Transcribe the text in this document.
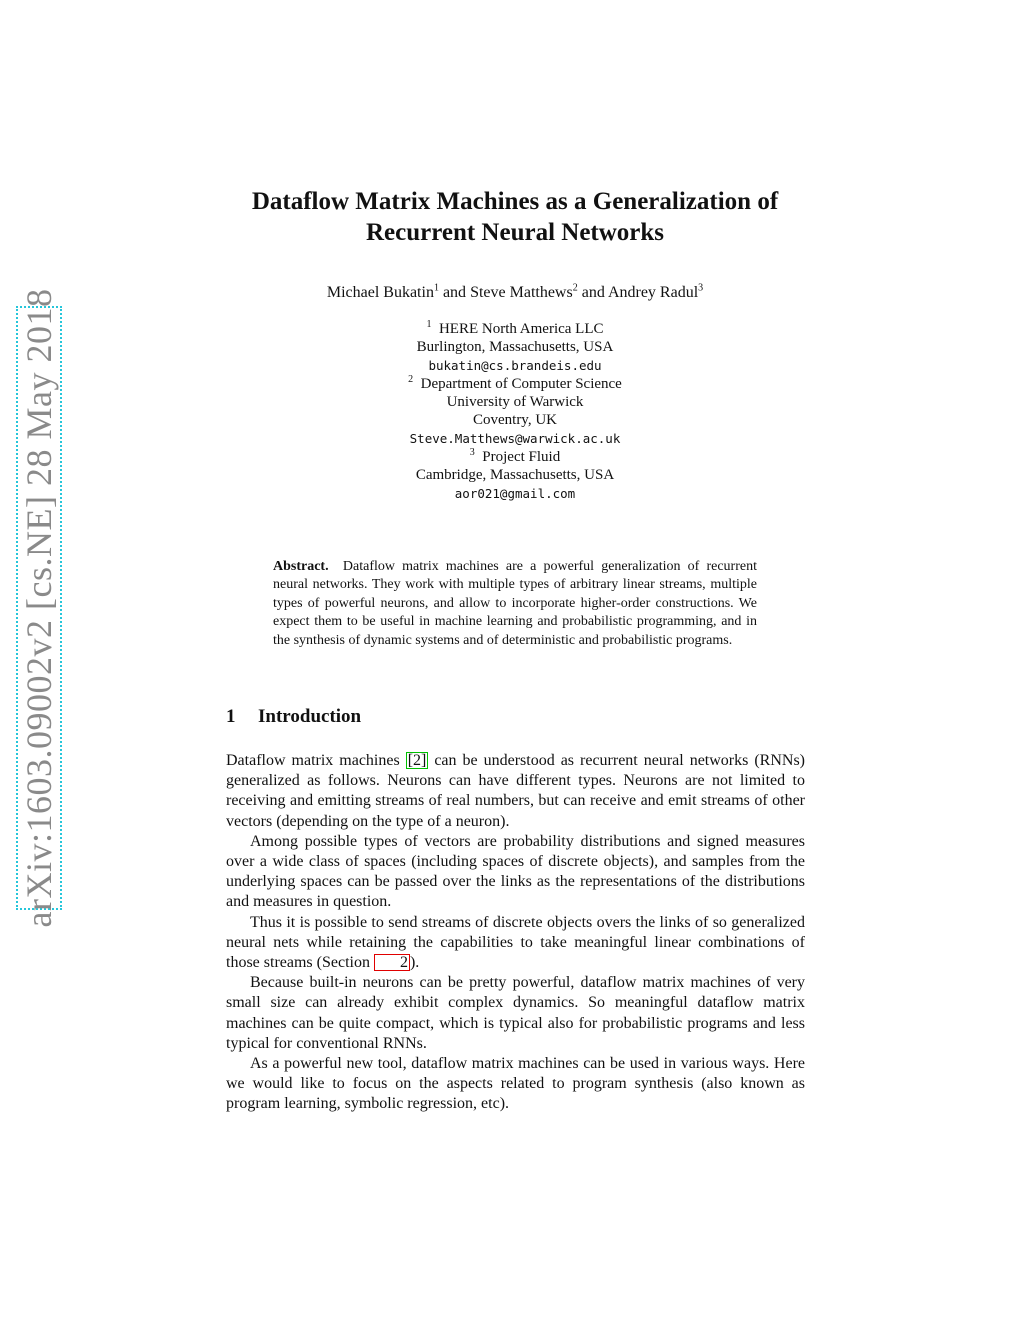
arXiv:1603.09002v2 [cs.NE] 28 May 2018
Dataflow Matrix Machines as a Generalization of
Recurrent Neural Networks
Michael Bukatin$^1$ and Steve Matthews$^2$ and Andrey Radul$^3$
$^1$ HERE North America LLC
Burlington, Massachusetts, USA
bukatin@cs.brandeis.edu
$^2$ Department of Computer Science
University of Warwick
Coventry, UK
Steve.Matthews@warwick.ac.uk
$^3$ Project Fluid
Cambridge, Massachusetts, USA
aor021@gmail.com
Abstract. Dataflow matrix machines are a powerful generalization of recurrent neural networks. They work with multiple types of arbitrary linear streams, multiple types of powerful neurons, and allow to incorporate higher-order constructions. We expect them to be useful in machine learning and probabilistic programming, and in the synthesis of dynamic systems and of deterministic and probabilistic programs.
1 Introduction

Dataflow matrix machines [2] can be understood as recurrent neural networks (RNNs) generalized as follows. Neurons can have different types. Neurons are not limited to receiving and emitting streams of real numbers, but can receive and emit streams of other vectors (depending on the type of a neuron).

Among possible types of vectors are probability distributions and signed measures over a wide class of spaces (including spaces of discrete objects), and samples from the underlying spaces can be passed over the links as the representations of the distributions and measures in question.

Thus it is possible to send streams of discrete objects overs the links of so generalized neural nets while retaining the capabilities to take meaningful linear combinations of those streams (Section 2 ).

Because built-in neurons can be pretty powerful, dataflow matrix machines of very small size can already exhibit complex dynamics. So meaningful dataflow matrix machines can be quite compact, which is typical also for probabilistic programs and less typical for conventional RNNs.

As a powerful new tool, dataflow matrix machines can be used in various ways. Here we would like to focus on the aspects related to program synthesis (also known as program learning, symbolic regression, etc).
